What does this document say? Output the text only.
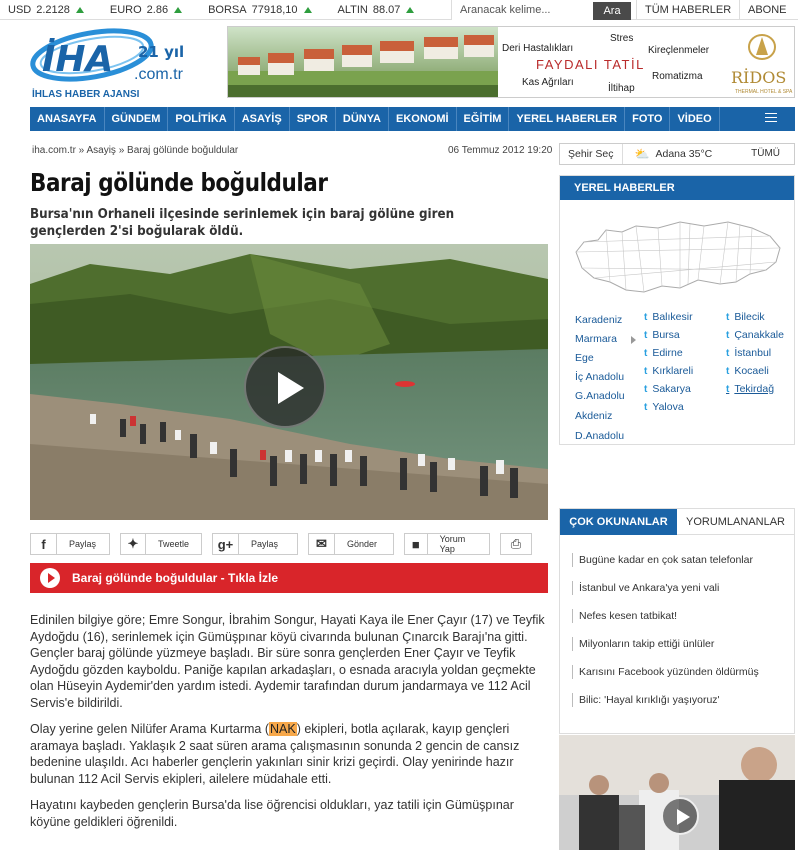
USD 2.2128	EURO 2.86	BORSA 77918,10	ALTIN 88.07
Aranacak kelime...	Ara	TÜM HABERLER	ABONE
İHA 21 yıl
.com.tr
İHLAS HABER AJANSI
Deri Hastalıkları
Stres
Kireçlenmeler
FAYDALI TATİL
Kas Ağrıları
İltihap
Romatizma RİDOS
THERMAL HOTEL & SPA
ANASAYFA	GÜNDEM	POLİTİKA	ASAYİŞ	SPOR	DÜNYA	EKONOMİ	EĞİTİM	YEREL HABERLER	FOTO	VİDEO
iha.com.tr » Asayiş » Baraj gölünde boğuldular	06 Temmuz 2012 19:20
Baraj gölünde boğuldular
Bursa'nın Orhaneli ilçesinde serinlemek için baraj gölüne giren gençlerden 2'si boğularak öldü.
f	Paylaş	✦	Tweetle	g+	Paylaş	✉	Gönder	■	Yorum Yap	⎙
Baraj gölünde boğuldular - Tıkla İzle

Edinilen bilgiye göre; Emre Songur, İbrahim Songur, Hayati Kaya ile Ener Çayır (17) ve Teyfik Aydoğdu (16), serinlemek için Gümüşpınar köyü civarında bulunan Çınarcık Barajı'na gitti. Gençler baraj gölünde yüzmeye başladı. Bir süre sonra gençlerden Ener Çayır ve Teyfik Aydoğdu gözden kayboldu. Paniğe kapılan arkadaşları, o esnada aracıyla yoldan geçmekte olan Hüseyin Aydemir'den yardım istedi. Aydemir tarafından durum jandarmaya ve 112 Acil Servis'e bildirildi.

Olay yerine gelen Nilüfer Arama Kurtarma (NAK) ekipleri, botla açılarak, kayıp gençleri aramaya başladı. Yaklaşık 2 saat süren arama çalışmasının sonunda 2 gencin de cansız bedenine ulaşıldı. Acı haberler gençlerin yakınları sinir krizi geçirdi. Olay yenirinde hazır bulunan 112 Acil Servis ekipleri, ailelere müdahale etti.

Hayatını kaybeden gençlerin Bursa'da lise öğrencisi oldukları, yaz tatili için Gümüşpınar köyüne geldikleri öğrenildi.

Şehir Seç	⛅ Adana 35°C	TÜMÜ
YEREL HABERLER
Karadeniz
Marmara
Ege
İç Anadolu
G.Anadolu
Akdeniz
D.Anadolu
t Balıkesir
t Bursa
t Edirne
t Kırklareli
t Sakarya
t Yalova
t Bilecik
t Çanakkale
t İstanbul
t Kocaeli
t Tekirdağ
ÇOK OKUNANLAR	YORUMLANANLAR
Bugüne kadar en çok satan telefonlar
İstanbul ve Ankara'ya yeni vali
Nefes kesen tatbikat!
Milyonların takip ettiği ünlüler
Karısını Facebook yüzünden öldürmüş
Bilic: 'Hayal kırıklığı yaşıyoruz'
